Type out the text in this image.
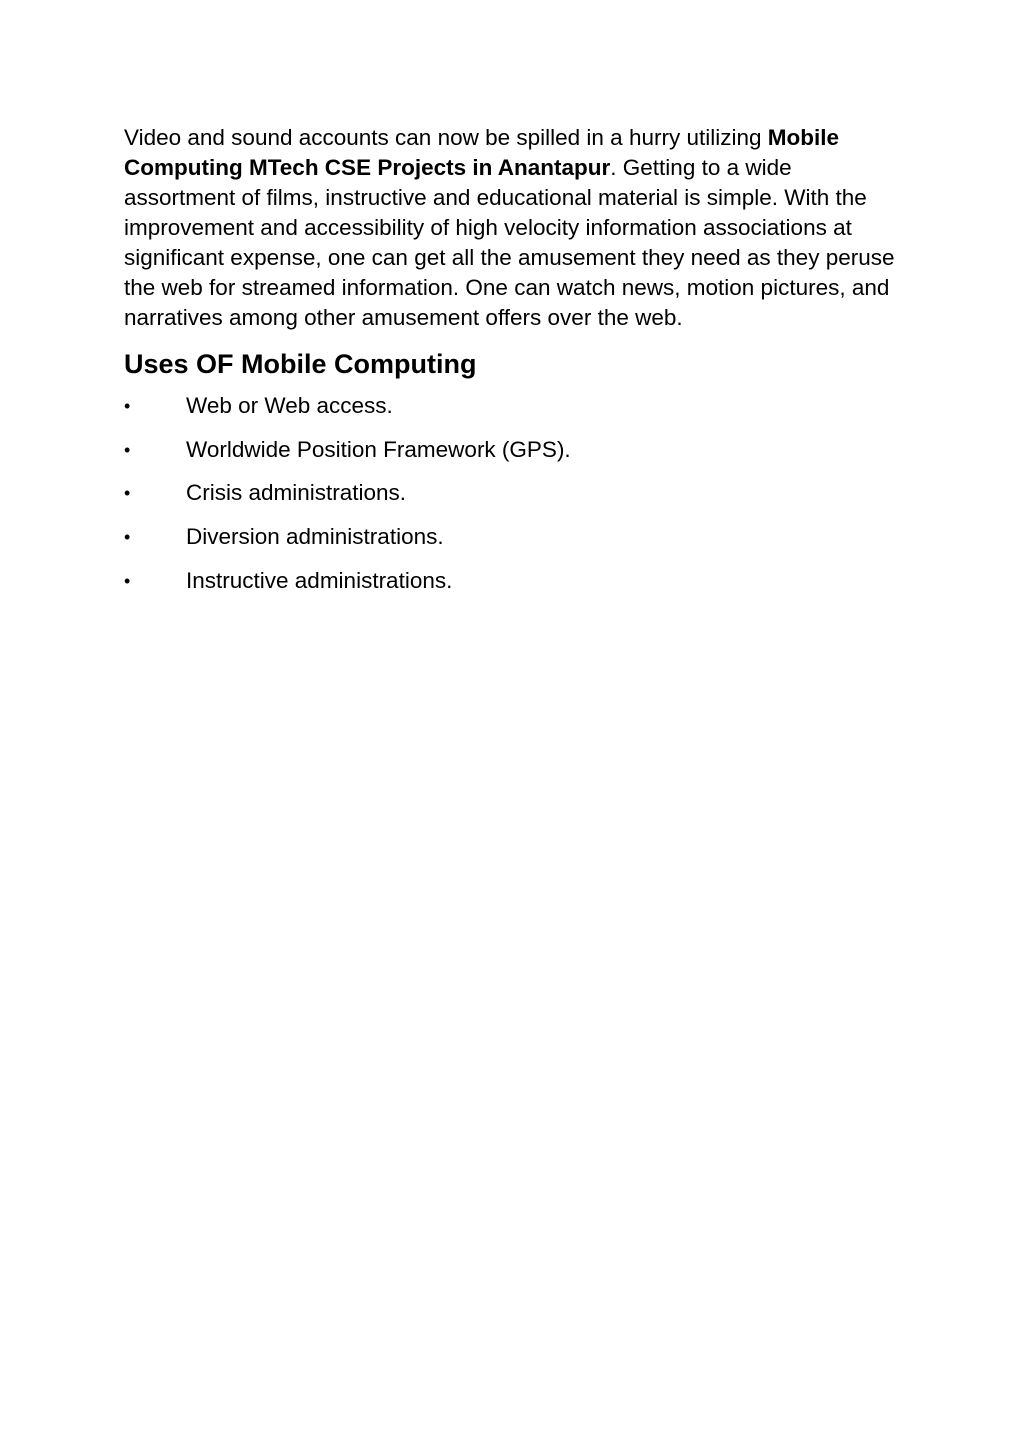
Video and sound accounts can now be spilled in a hurry utilizing Mobile Computing MTech CSE Projects in Anantapur. Getting to a wide assortment of films, instructive and educational material is simple. With the improvement and accessibility of high velocity information associations at significant expense, one can get all the amusement they need as they peruse the web for streamed information. One can watch news, motion pictures, and narratives among other amusement offers over the web.

Uses OF Mobile Computing
• Web or Web access.
• Worldwide Position Framework (GPS).
• Crisis administrations.
• Diversion administrations.
• Instructive administrations.
